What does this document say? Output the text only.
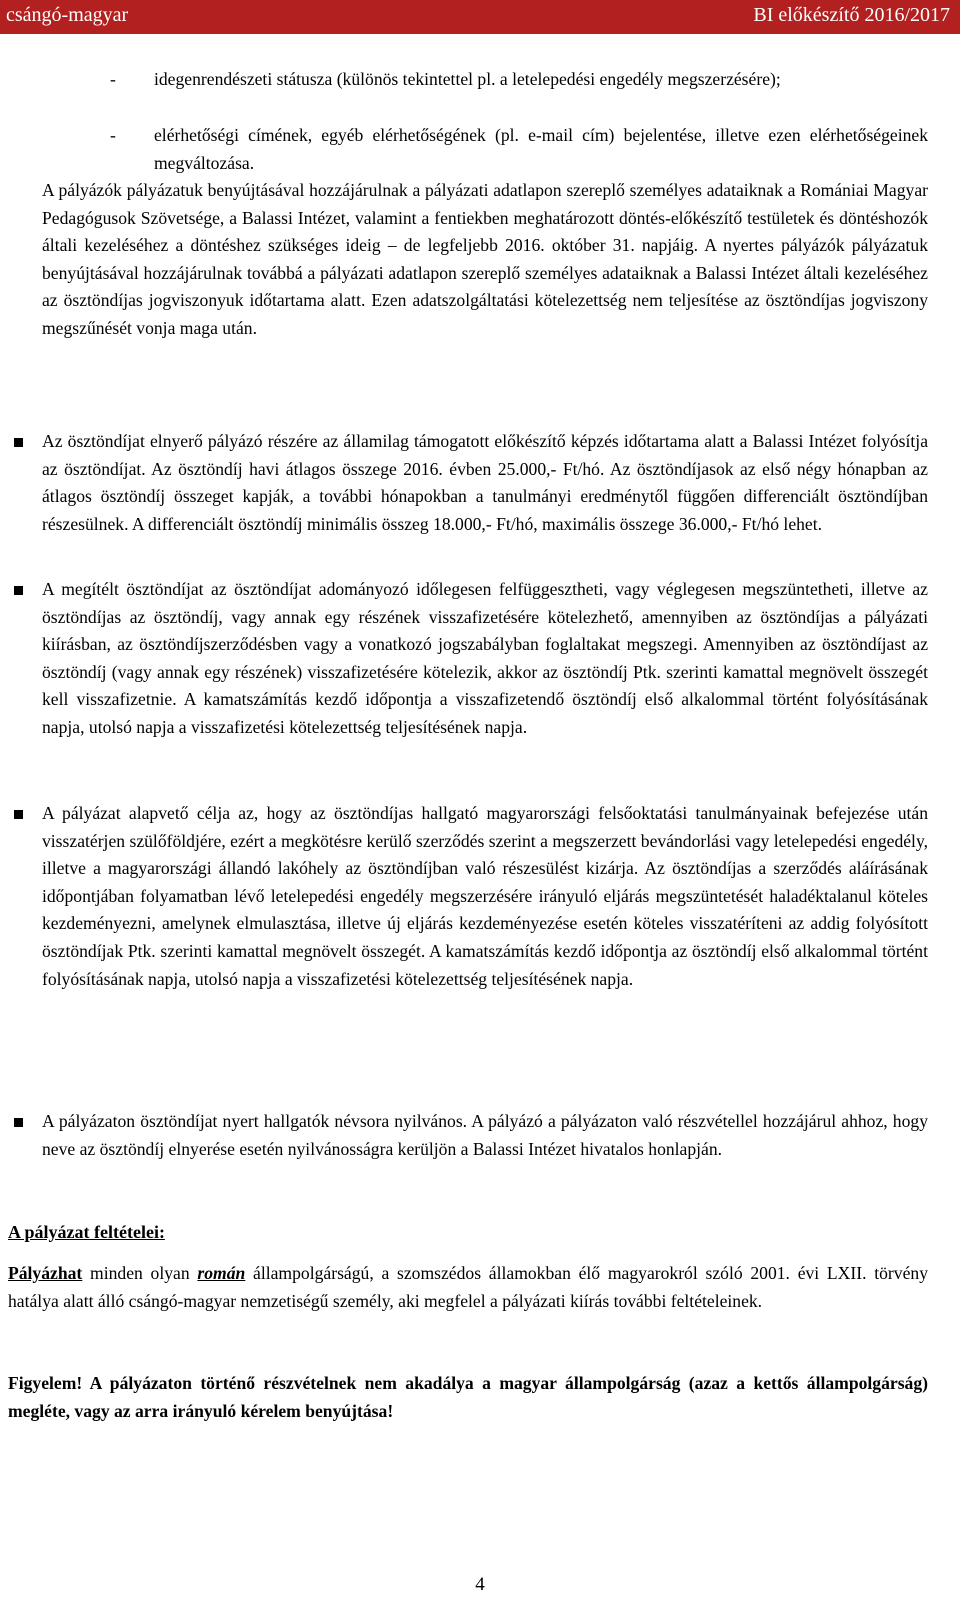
csángó-magyar	BI előkészítő 2016/2017
- idegenrendészeti státusza (különös tekintettel pl. a letelepedési engedély megszerzésére);
- elérhetőségi címének, egyéb elérhetőségének (pl. e-mail cím) bejelentése, illetve ezen elérhetőségeinek megváltozása.
A pályázók pályázatuk benyújtásával hozzájárulnak a pályázati adatlapon szereplő személyes adataiknak a Romániai Magyar Pedagógusok Szövetsége, a Balassi Intézet, valamint a fentiekben meghatározott döntés-előkészítő testületek és döntéshozók általi kezeléséhez a döntéshez szükséges ideig – de legfeljebb 2016. október 31. napjáig. A nyertes pályázók pályázatuk benyújtásával hozzájárulnak továbbá a pályázati adatlapon szereplő személyes adataiknak a Balassi Intézet általi kezeléséhez az ösztöndíjas jogviszonyuk időtartama alatt. Ezen adatszolgáltatási kötelezettség nem teljesítése az ösztöndíjas jogviszony megszűnését vonja maga után.
Az ösztöndíjat elnyerő pályázó részére az államilag támogatott előkészítő képzés időtartama alatt a Balassi Intézet folyósítja az ösztöndíjat. Az ösztöndíj havi átlagos összege 2016. évben 25.000,- Ft/hó. Az ösztöndíjasok az első négy hónapban az átlagos ösztöndíj összeget kapják, a további hónapokban a tanulmányi eredménytől függően differenciált ösztöndíjban részesülnek. A differenciált ösztöndíj minimális összeg 18.000,- Ft/hó, maximális összege 36.000,- Ft/hó lehet.
A megítélt ösztöndíjat az ösztöndíjat adományozó időlegesen felfüggesztheti, vagy véglegesen megszüntetheti, illetve az ösztöndíjas az ösztöndíj, vagy annak egy részének visszafizetésére kötelezhető, amennyiben az ösztöndíjas a pályázati kiírásban, az ösztöndíjszerződésben vagy a vonatkozó jogszabályban foglaltakat megszegi. Amennyiben az ösztöndíjast az ösztöndíj (vagy annak egy részének) visszafizetésére kötelezik, akkor az ösztöndíj Ptk. szerinti kamattal megnövelt összegét kell visszafizetnie. A kamatszámítás kezdő időpontja a visszafizetendő ösztöndíj első alkalommal történt folyósításának napja, utolsó napja a visszafizetési kötelezettség teljesítésének napja.
A pályázat alapvető célja az, hogy az ösztöndíjas hallgató magyarországi felsőoktatási tanulmányainak befejezése után visszatérjen szülőföldjére, ezért a megkötésre kerülő szerződés szerint a megszerzett bevándorlási vagy letelepedési engedély, illetve a magyarországi állandó lakóhely az ösztöndíjban való részesülést kizárja. Az ösztöndíjas a szerződés aláírásának időpontjában folyamatban lévő letelepedési engedély megszerzésére irányuló eljárás megszüntetését haladéktalanul köteles kezdeményezni, amelynek elmulasztása, illetve új eljárás kezdeményezése esetén köteles visszatéríteni az addig folyósított ösztöndíjak Ptk. szerinti kamattal megnövelt összegét. A kamatszámítás kezdő időpontja az ösztöndíj első alkalommal történt folyósításának napja, utolsó napja a visszafizetési kötelezettség teljesítésének napja.
A pályázaton ösztöndíjat nyert hallgatók névsora nyilvános. A pályázó a pályázaton való részvétellel hozzájárul ahhoz, hogy neve az ösztöndíj elnyerése esetén nyilvánosságra kerüljön a Balassi Intézet hivatalos honlapján.
A pályázat feltételei:
Pályázhat minden olyan román állampolgárságú, a szomszédos államokban élő magyarokról szóló 2001. évi LXII. törvény hatálya alatt álló csángó-magyar nemzetiségű személy, aki megfelel a pályázati kiírás további feltételeinek.
Figyelem! A pályázaton történő részvételnek nem akadálya a magyar állampolgárság (azaz a kettős állampolgárság) megléte, vagy az arra irányuló kérelem benyújtása!
4
